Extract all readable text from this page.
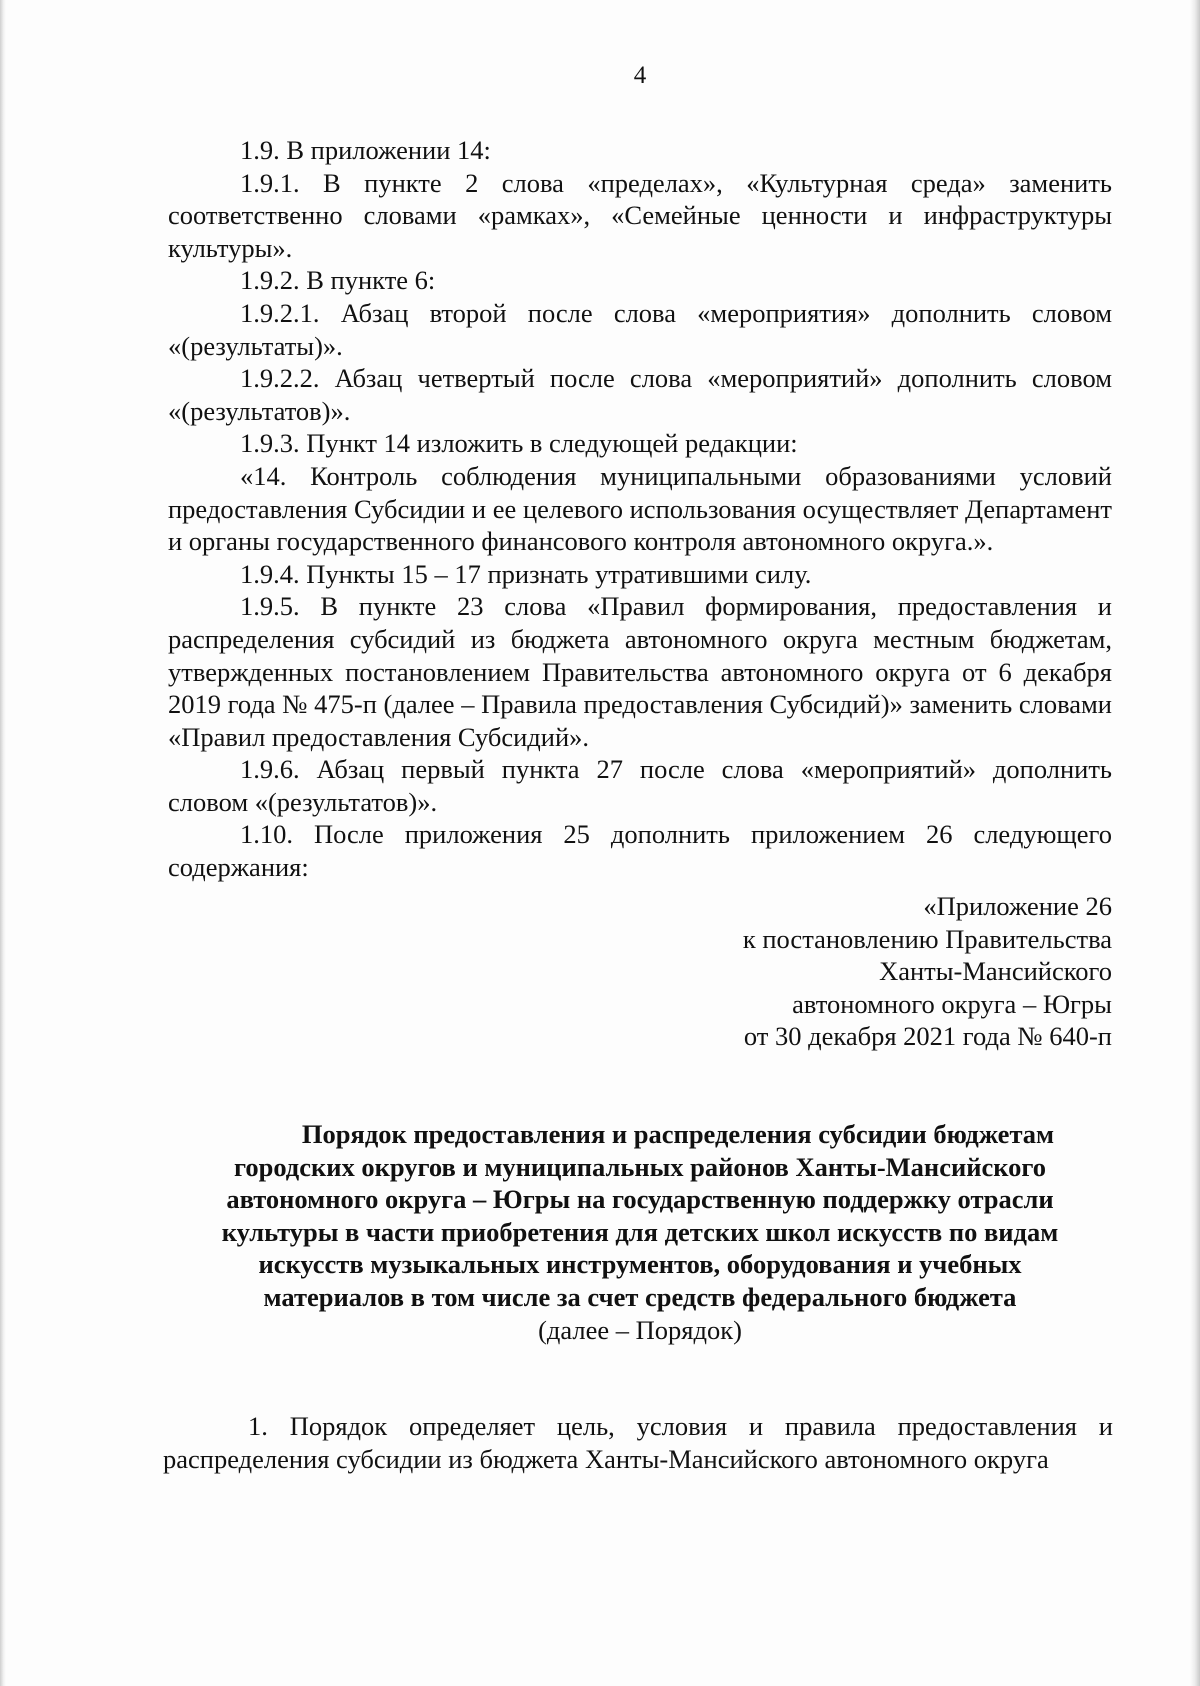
4

1.9. В приложении 14:

1.9.1. В пункте 2 слова «пределах», «Культурная среда» заменить соответственно словами «рамках», «Семейные ценности и инфраструктуры культуры».

1.9.2. В пункте 6:

1.9.2.1. Абзац второй после слова «мероприятия» дополнить словом «(результаты)».

1.9.2.2. Абзац четвертый после слова «мероприятий» дополнить словом «(результатов)».

1.9.3. Пункт 14 изложить в следующей редакции:

«14. Контроль соблюдения муниципальными образованиями условий предоставления Субсидии и ее целевого использования осуществляет Департамент и органы государственного финансового контроля автономного округа.».

1.9.4. Пункты 15 – 17 признать утратившими силу.

1.9.5. В пункте 23 слова «Правил формирования, предоставления и распределения субсидий из бюджета автономного округа местным бюджетам, утвержденных постановлением Правительства автономного округа от 6 декабря 2019 года № 475-п (далее – Правила предоставления Субсидий)» заменить словами «Правил предоставления Субсидий».

1.9.6. Абзац первый пункта 27 после слова «мероприятий» дополнить словом «(результатов)».

1.10. После приложения 25 дополнить приложением 26 следующего содержания:

«Приложение 26
к постановлению Правительства
Ханты-Мансийского
автономного округа – Югры
от 30 декабря 2021 года № 640-п
Порядок предоставления и распределения субсидии бюджетам
городских округов и муниципальных районов Ханты-Мансийского
автономного округа – Югры на государственную поддержку отрасли
культуры в части приобретения для детских школ искусств по видам
искусств музыкальных инструментов, оборудования и учебных
материалов в том числе за счет средств федерального бюджета
(далее – Порядок)

1. Порядок определяет цель, условия и правила предоставления и распределения субсидии из бюджета Ханты-Мансийского автономного округа
